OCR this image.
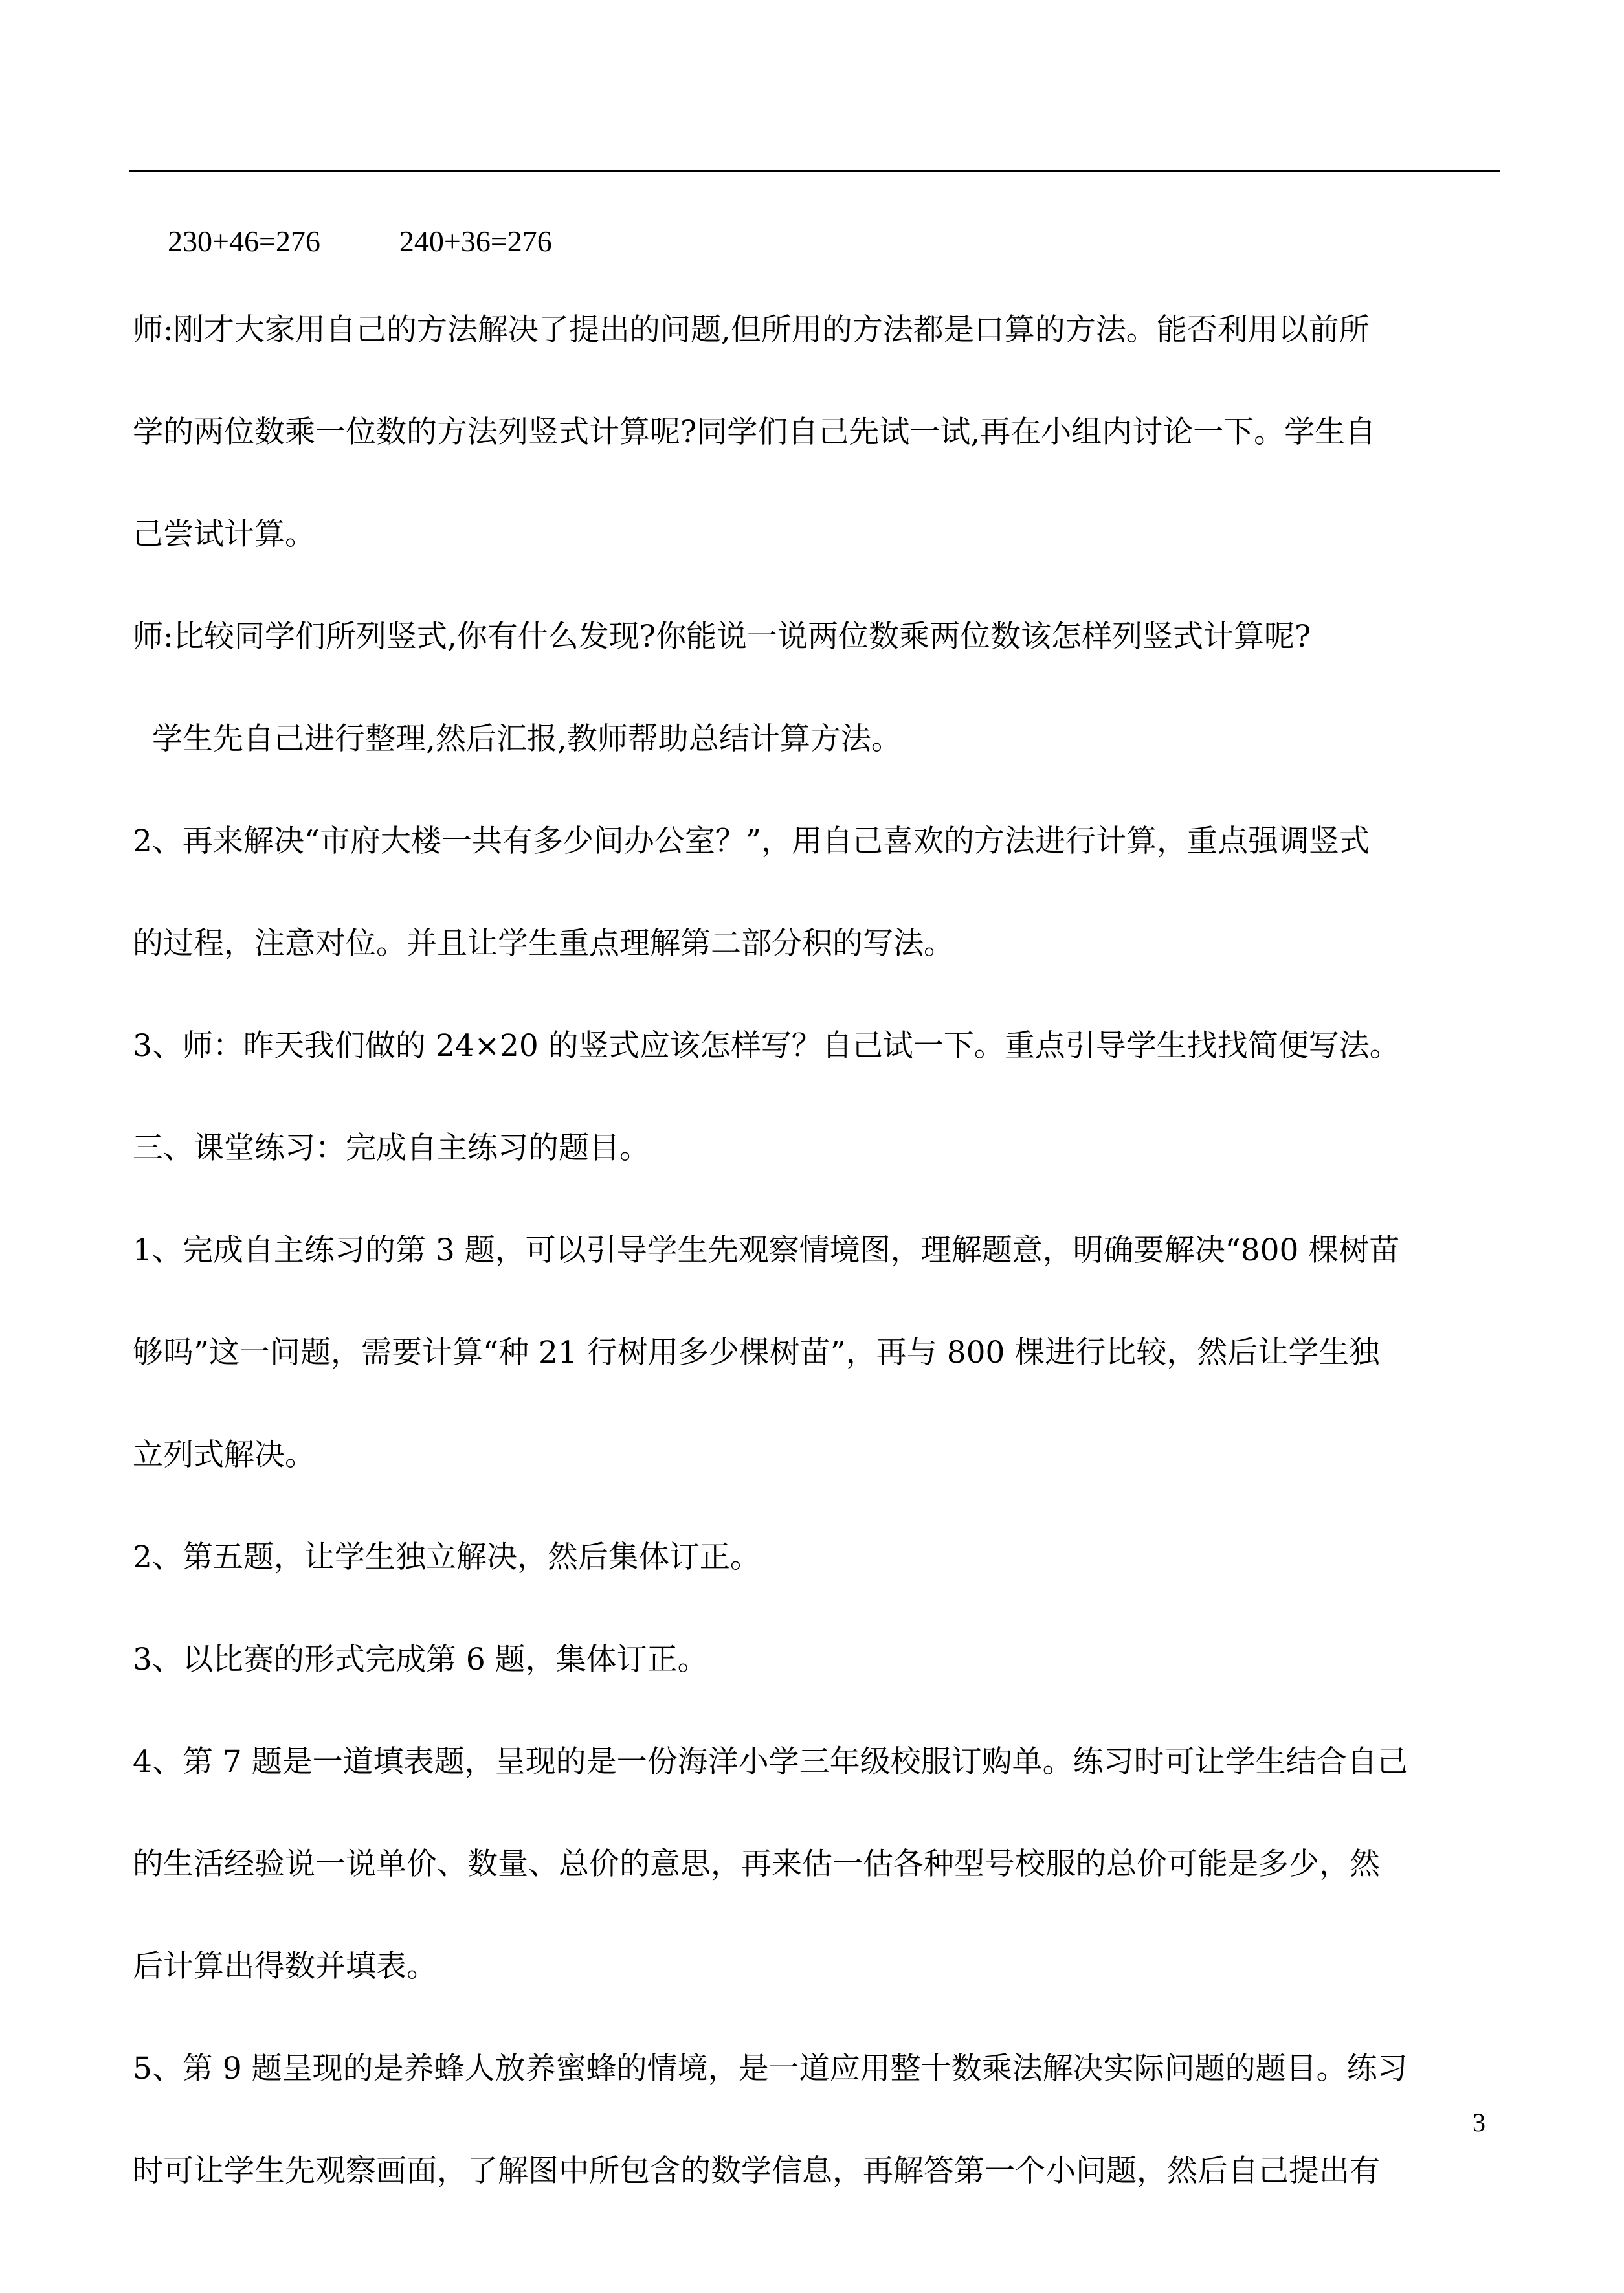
230+46=276	240+36=276
师:刚才大家用自己的方法解决了提出的问题,但所用的方法都是口算的方法。能否利用以前所
学的两位数乘一位数的方法列竖式计算呢?同学们自己先试一试,再在小组内讨论一下。学生自
己尝试计算。
师:比较同学们所列竖式,你有什么发现?你能说一说两位数乘两位数该怎样列竖式计算呢?
学生先自己进行整理,然后汇报,教师帮助总结计算方法。
2、再来解决“市府大楼一共有多少间办公室？”，用自己喜欢的方法进行计算，重点强调竖式
的过程，注意对位。并且让学生重点理解第二部分积的写法。
3、师：昨天我们做的 24×20 的竖式应该怎样写？自己试一下。重点引导学生找找简便写法。
三、课堂练习：完成自主练习的题目。
1、完成自主练习的第 3 题，可以引导学生先观察情境图，理解题意，明确要解决“800 棵树苗
够吗”这一问题，需要计算“种 21 行树用多少棵树苗”，再与 800 棵进行比较，然后让学生独
立列式解决。
2、第五题，让学生独立解决，然后集体订正。
3、以比赛的形式完成第 6 题，集体订正。
4、第 7 题是一道填表题，呈现的是一份海洋小学三年级校服订购单。练习时可让学生结合自己
的生活经验说一说单价、数量、总价的意思，再来估一估各种型号校服的总价可能是多少，然
后计算出得数并填表。
5、第 9 题呈现的是养蜂人放养蜜蜂的情境，是一道应用整十数乘法解决实际问题的题目。练习
时可让学生先观察画面，了解图中所包含的数学信息，再解答第一个小问题，然后自己提出有
3
